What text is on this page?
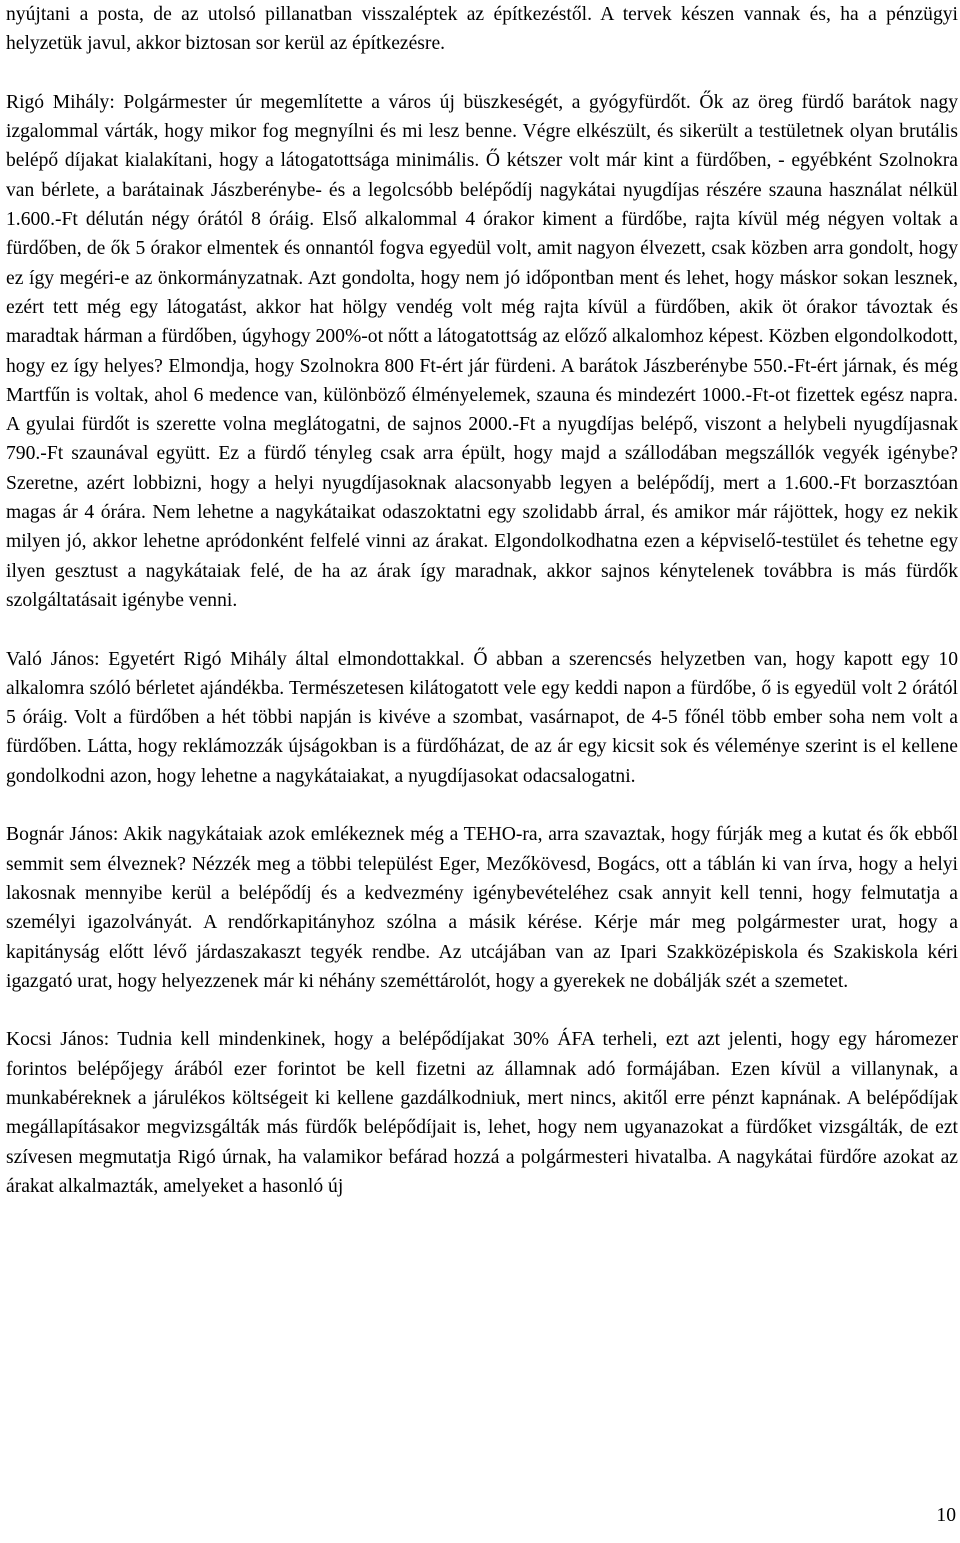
nyújtani a posta, de az utolsó pillanatban visszaléptek az építkezéstől. A tervek készen vannak és, ha a pénzügyi helyzetük javul, akkor biztosan sor kerül az építkezésre.

Rigó Mihály: Polgármester úr megemlítette a város új büszkeségét, a gyógyfürdőt. Ők az öreg fürdő barátok nagy izgalommal várták, hogy mikor fog megnyílni és mi lesz benne. Végre elkészült, és sikerült a testületnek olyan brutális belépő díjakat kialakítani, hogy a látogatottsága minimális. Ő kétszer volt már kint a fürdőben, - egyébként Szolnokra van bérlete, a barátainak Jászberénybe- és a legolcsóbb belépődíj nagykátai nyugdíjas részére szauna használat nélkül 1.600.-Ft délután négy órától 8 óráig. Első alkalommal 4 órakor kiment a fürdőbe, rajta kívül még négyen voltak a fürdőben, de ők 5 órakor elmentek és onnantól fogva egyedül volt, amit nagyon élvezett, csak közben arra gondolt, hogy ez így megéri-e az önkormányzatnak. Azt gondolta, hogy nem jó időpontban ment és lehet, hogy máskor sokan lesznek, ezért tett még egy látogatást, akkor hat hölgy vendég volt még rajta kívül a fürdőben, akik öt órakor távoztak és maradtak hárman a fürdőben, úgyhogy 200%-ot nőtt a látogatottság az előző alkalomhoz képest. Közben elgondolkodott, hogy ez így helyes? Elmondja, hogy Szolnokra 800 Ft-ért jár fürdeni. A barátok Jászberénybe 550.-Ft-ért járnak, és még Martfűn is voltak, ahol 6 medence van, különböző élményelemek, szauna és mindezért 1000.-Ft-ot fizettek egész napra. A gyulai fürdőt is szerette volna meglátogatni, de sajnos 2000.-Ft a nyugdíjas belépő, viszont a helybeli nyugdíjasnak 790.-Ft szaunával együtt. Ez a fürdő tényleg csak arra épült, hogy majd a szállodában megszállók vegyék igénybe? Szeretne, azért lobbizni, hogy a helyi nyugdíjasoknak alacsonyabb legyen a belépődíj, mert a 1.600.-Ft borzasztóan magas ár 4 órára. Nem lehetne a nagykátaikat odaszoktatni egy szolidabb árral, és amikor már rájöttek, hogy ez nekik milyen jó, akkor lehetne apródonként felfelé vinni az árakat. Elgondolkodhatna ezen a képviselő-testület és tehetne egy ilyen gesztust a nagykátaiak felé, de ha az árak így maradnak, akkor sajnos kénytelenek továbbra is más fürdők szolgáltatásait igénybe venni.

Való János: Egyetért Rigó Mihály által elmondottakkal. Ő abban a szerencsés helyzetben van, hogy kapott egy 10 alkalomra szóló bérletet ajándékba. Természetesen kilátogatott vele egy keddi napon a fürdőbe, ő is egyedül volt 2 órától 5 óráig. Volt a fürdőben a hét többi napján is kivéve a szombat, vasárnapot, de 4-5 főnél több ember soha nem volt a fürdőben. Látta, hogy reklámozzák újságokban is a fürdőházat, de az ár egy kicsit sok és véleménye szerint is el kellene gondolkodni azon, hogy lehetne a nagykátaiakat, a nyugdíjasokat odacsalogatni.

Bognár János: Akik nagykátaiak azok emlékeznek még a TEHO-ra, arra szavaztak, hogy fúrják meg a kutat és ők ebből semmit sem élveznek? Nézzék meg a többi települést Eger, Mezőkövesd, Bogács, ott a táblán ki van írva, hogy a helyi lakosnak mennyibe kerül a belépődíj és a kedvezmény igénybevételéhez csak annyit kell tenni, hogy felmutatja a személyi igazolványát. A rendőrkapitányhoz szólna a másik kérése. Kérje már meg polgármester urat, hogy a kapitányság előtt lévő járdaszakaszt tegyék rendbe. Az utcájában van az Ipari Szakközépiskola és Szakiskola kéri igazgató urat, hogy helyezzenek már ki néhány szeméttárolót, hogy a gyerekek ne dobálják szét a szemetet.

Kocsi János: Tudnia kell mindenkinek, hogy a belépődíjakat 30% ÁFA terheli, ezt azt jelenti, hogy egy háromezer forintos belépőjegy árából ezer forintot be kell fizetni az államnak adó formájában. Ezen kívül a villanynak, a munkabéreknek a járulékos költségeit ki kellene gazdálkodniuk, mert nincs, akitől erre pénzt kapnának. A belépődíjak megállapításakor megvizsgálták más fürdők belépődíjait is, lehet, hogy nem ugyanazokat a fürdőket vizsgálták, de ezt szívesen megmutatja Rigó úrnak, ha valamikor befárad hozzá a polgármesteri hivatalba. A nagykátai fürdőre azokat az árakat alkalmazták, amelyeket a hasonló új

10
